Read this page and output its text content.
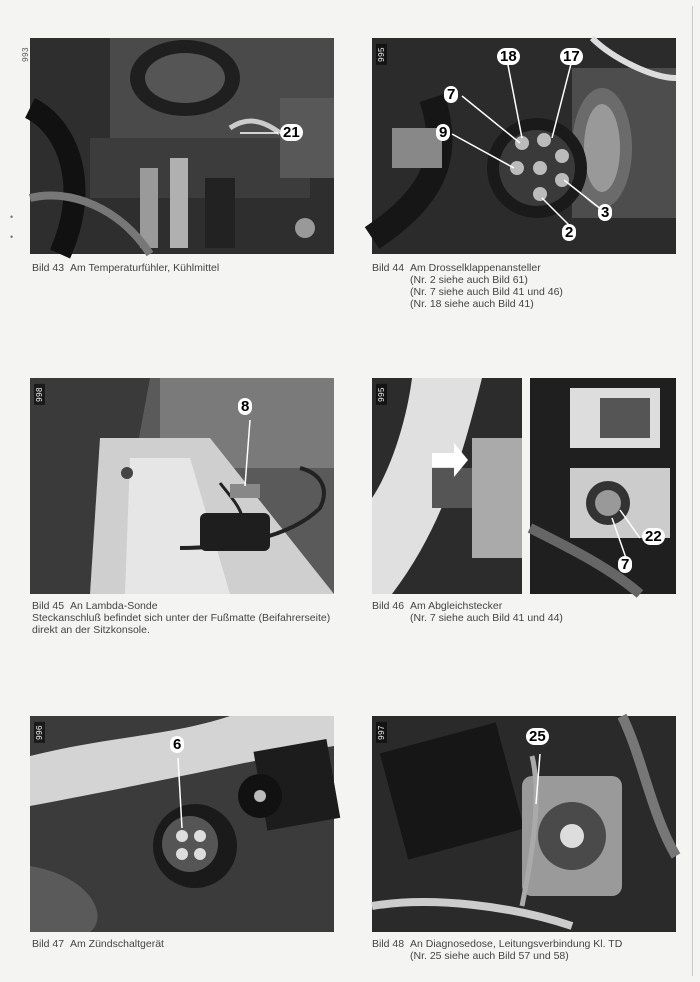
•
•
993
21
Bild 43 Am Temperaturfühler, Kühlmittel
995	18	17
7
9
3
2
Bild 44 Am Drosselklappenansteller
(Nr. 2 siehe auch Bild 61)
(Nr. 7 siehe auch Bild 41 und 46)
(Nr. 18 siehe auch Bild 41)
998
8
Bild 45 An Lambda-Sonde
Steckanschluß befindet sich unter der Fußmatte (Beifahrerseite)
direkt an der Sitzkonsole.
995
22
7
Bild 46 Am Abgleichstecker
(Nr. 7 siehe auch Bild 41 und 44)
996
6
Bild 47 Am Zündschaltgerät
997	25
Bild 48 An Diagnosedose, Leitungsverbindung Kl. TD
(Nr. 25 siehe auch Bild 57 und 58)
